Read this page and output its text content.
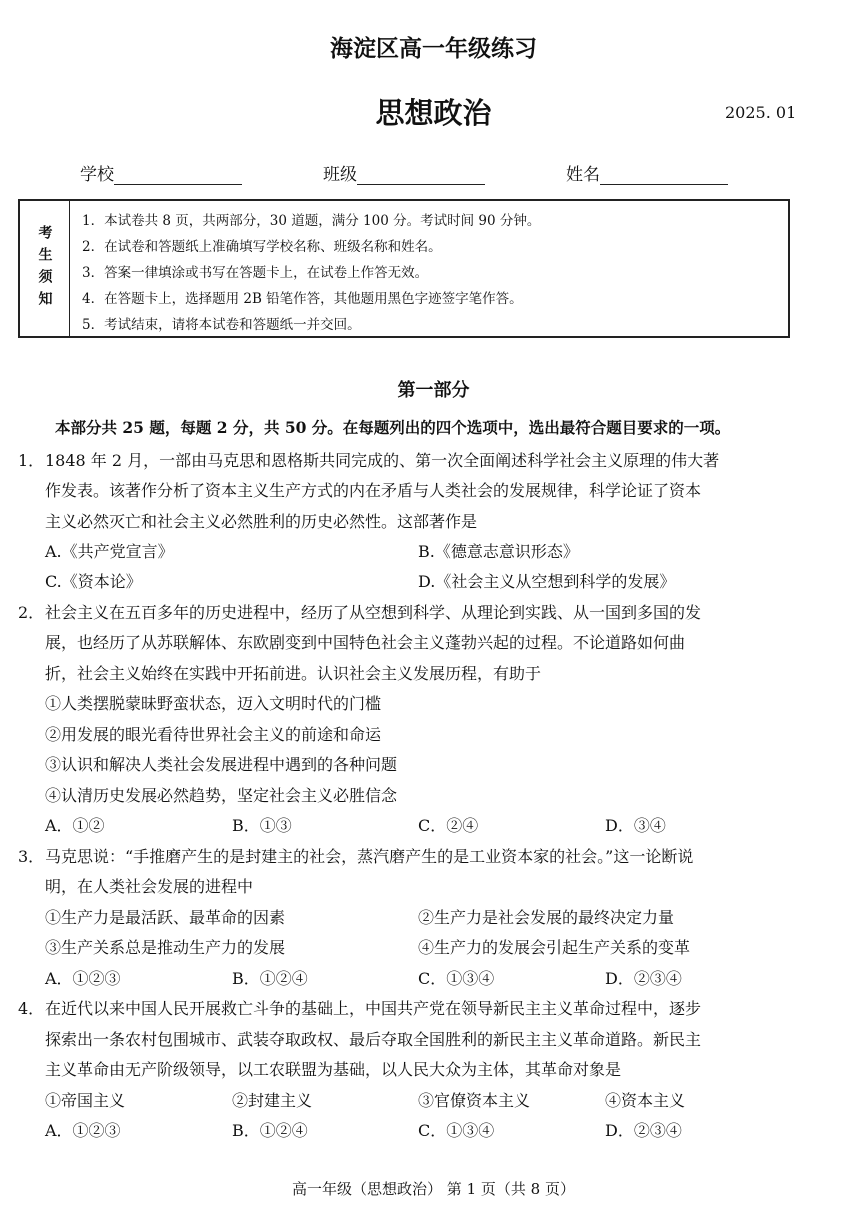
海淀区高一年级练习
思想政治	2025. 01
学校	班级	姓名
考生须知
1．本试卷共 8 页，共两部分，30 道题，满分 100 分。考试时间 90 分钟。
2．在试卷和答题纸上准确填写学校名称、班级名称和姓名。
3．答案一律填涂或书写在答题卡上，在试卷上作答无效。
4．在答题卡上，选择题用 2B 铅笔作答，其他题用黑色字迹签字笔作答。
5．考试结束，请将本试卷和答题纸一并交回。
第一部分
本部分共 25 题，每题 2 分，共 50 分。在每题列出的四个选项中，选出最符合题目要求的一项。
1． 1848 年 2 月，一部由马克思和恩格斯共同完成的、第一次全面阐述科学社会主义原理的伟大著
作发表。该著作分析了资本主义生产方式的内在矛盾与人类社会的发展规律，科学论证了资本
主义必然灭亡和社会主义必然胜利的历史必然性。这部著作是
A.《共产党宣言》	B.《德意志意识形态》
C.《资本论》	D.《社会主义从空想到科学的发展》
2． 社会主义在五百多年的历史进程中，经历了从空想到科学、从理论到实践、从一国到多国的发
展，也经历了从苏联解体、东欧剧变到中国特色社会主义蓬勃兴起的过程。不论道路如何曲
折，社会主义始终在实践中开拓前进。认识社会主义发展历程，有助于
①人类摆脱蒙昧野蛮状态，迈入文明时代的门槛
②用发展的眼光看待世界社会主义的前途和命运
③认识和解决人类社会发展进程中遇到的各种问题
④认清历史发展必然趋势，坚定社会主义必胜信念
A．①②	B．①③	C．②④	D．③④
3． 马克思说：“手推磨产生的是封建主的社会，蒸汽磨产生的是工业资本家的社会。”这一论断说
明，在人类社会发展的进程中
①生产力是最活跃、最革命的因素	②生产力是社会发展的最终决定力量
③生产关系总是推动生产力的发展	④生产力的发展会引起生产关系的变革
A．①②③	B．①②④	C．①③④	D．②③④
4． 在近代以来中国人民开展救亡斗争的基础上，中国共产党在领导新民主主义革命过程中，逐步
探索出一条农村包围城市、武装夺取政权、最后夺取全国胜利的新民主主义革命道路。新民主
主义革命由无产阶级领导，以工农联盟为基础，以人民大众为主体，其革命对象是
①帝国主义	②封建主义	③官僚资本主义	④资本主义
A．①②③	B．①②④	C．①③④	D．②③④
高一年级（思想政治） 第 1 页（共 8 页）
